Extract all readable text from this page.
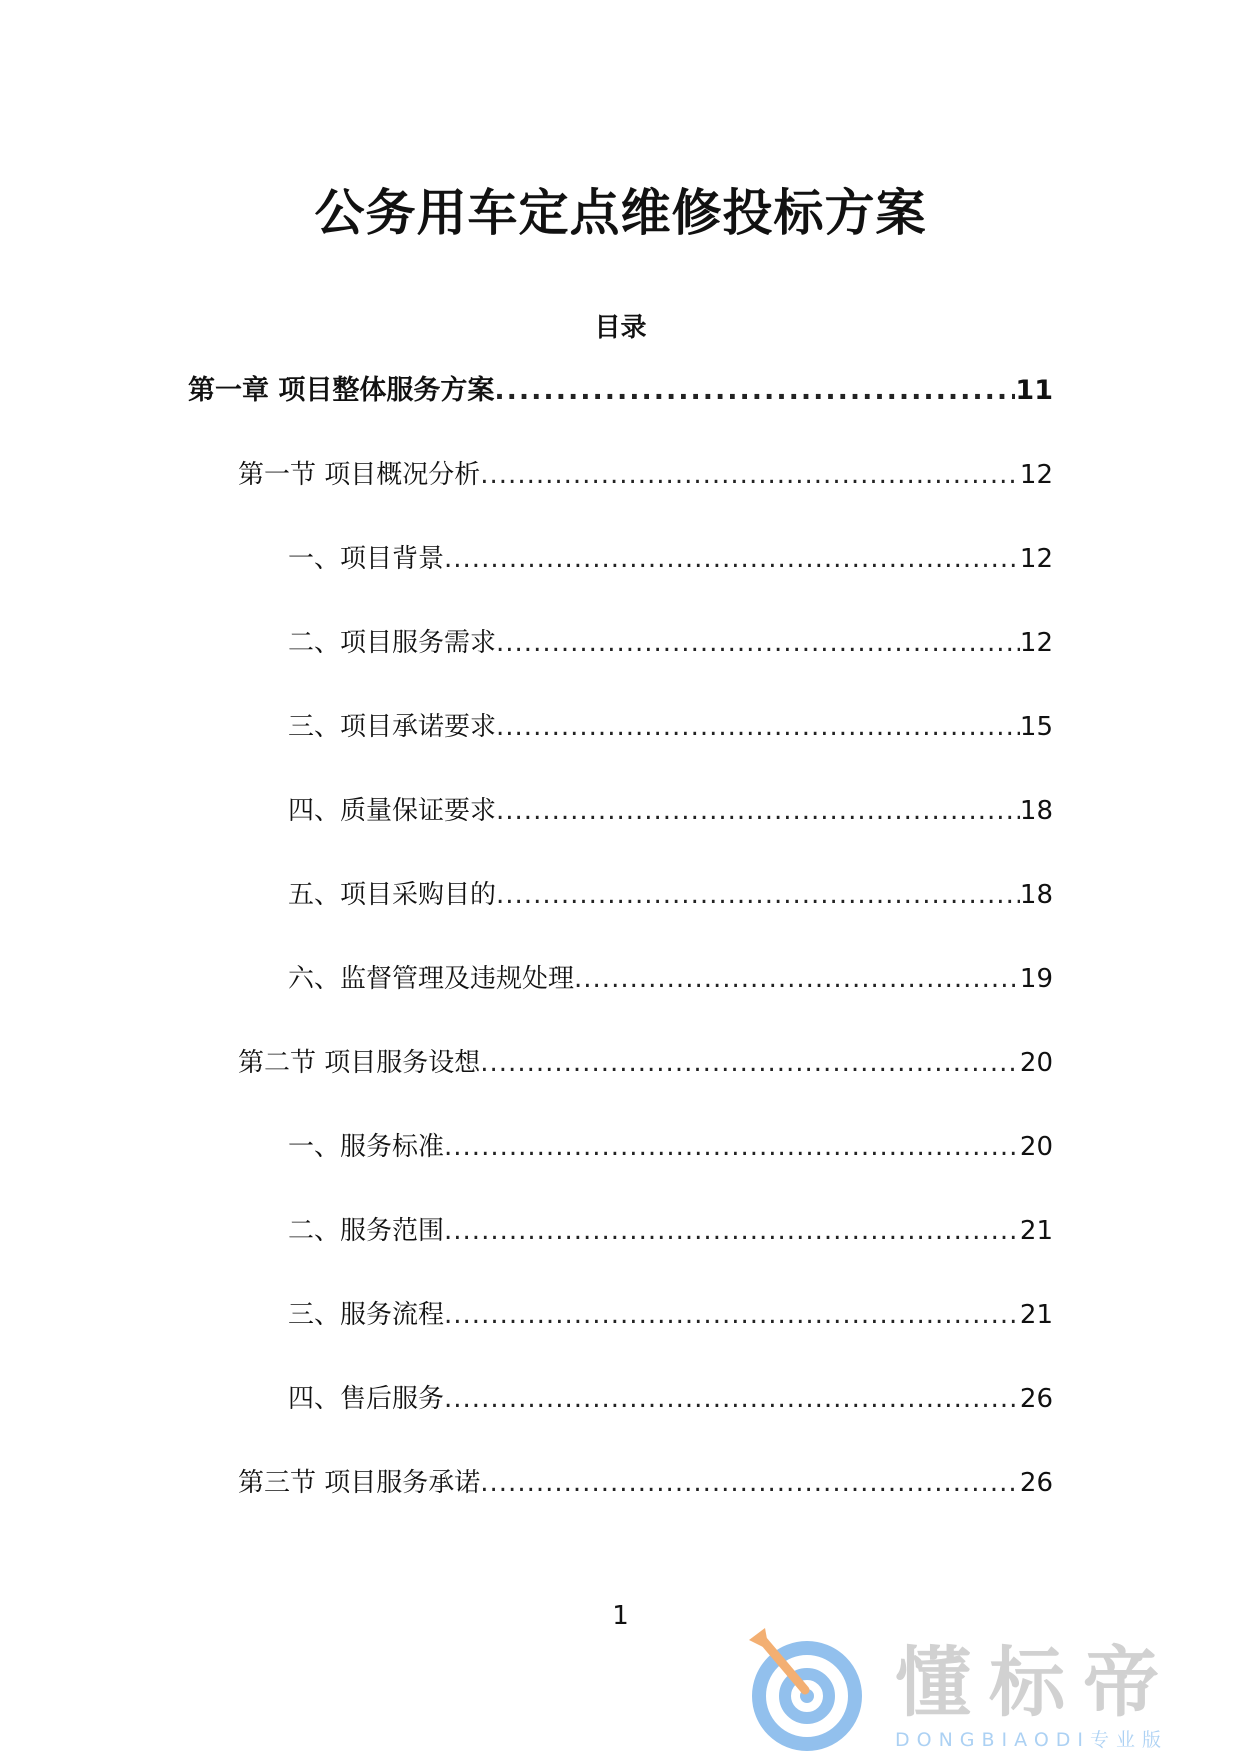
公务用车定点维修投标方案
目录
第一章 项目整体服务方案 .....	11
第一节 项目概况分析 .....	12
一、项目背景 .....	12
二、项目服务需求 .....	12
三、项目承诺要求 .....	15
四、质量保证要求 .....	18
五、项目采购目的 .....	18
六、监督管理及违规处理 .....	19
第二节 项目服务设想 .....	20
一、服务标准 .....	20
二、服务范围 .....	21
三、服务流程 .....	21
四、售后服务 .....	26
第三节 项目服务承诺 .....	26
1
懂标帝
DONGBIAODI专业版
